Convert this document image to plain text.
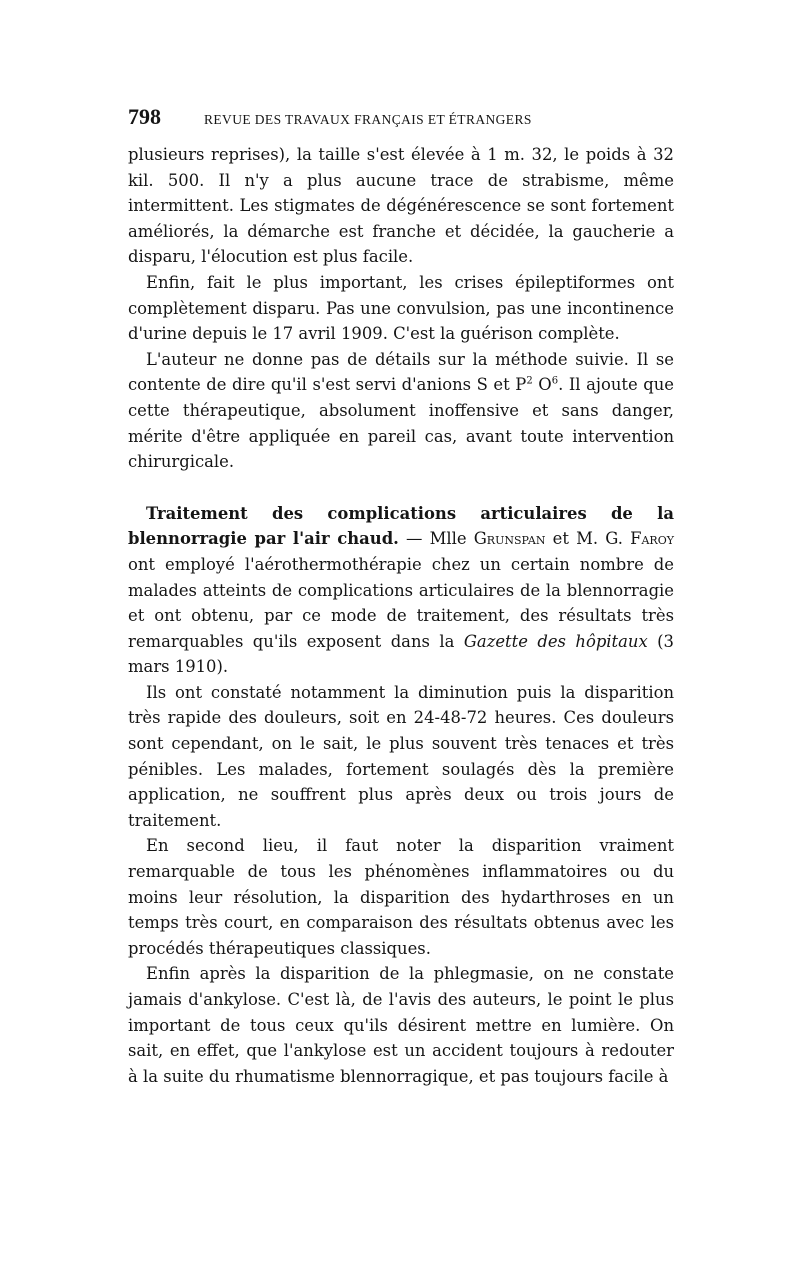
798	REVUE DES TRAVAUX FRANÇAIS ET ÉTRANGERS

plusieurs reprises), la taille s'est élevée à 1 m. 32, le poids à 32 kil. 500. Il n'y a plus aucune trace de strabisme, même intermittent. Les stigmates de dégénérescence se sont fortement améliorés, la démarche est franche et décidée, la gaucherie a disparu, l'élocution est plus facile.

Enfin, fait le plus important, les crises épileptiformes ont complètement disparu. Pas une convulsion, pas une incontinence d'urine depuis le 17 avril 1909. C'est la guérison complète.

L'auteur ne donne pas de détails sur la méthode suivie. Il se contente de dire qu'il s'est servi d'anions S et $P^2$ $O^6$. Il ajoute que cette thérapeutique, absolument inoffensive et sans danger, mérite d'être appliquée en pareil cas, avant toute intervention chirurgicale.

Traitement des complications articulaires de la blennorragie par l'air chaud. — Mlle Grunspan et M. G. Faroy ont employé l'aérothermothérapie chez un certain nombre de malades atteints de complications articulaires de la blennorragie et ont obtenu, par ce mode de traitement, des résultats très remarquables qu'ils exposent dans la Gazette des hôpitaux (3 mars 1910).

Ils ont constaté notamment la diminution puis la disparition très rapide des douleurs, soit en 24-48-72 heures. Ces douleurs sont cependant, on le sait, le plus souvent très tenaces et très pénibles. Les malades, fortement soulagés dès la première application, ne souffrent plus après deux ou trois jours de traitement.

En second lieu, il faut noter la disparition vraiment remarquable de tous les phénomènes inflammatoires ou du moins leur résolution, la disparition des hydarthroses en un temps très court, en comparaison des résultats obtenus avec les procédés thérapeutiques classiques.

Enfin après la disparition de la phlegmasie, on ne constate jamais d'ankylose. C'est là, de l'avis des auteurs, le point le plus important de tous ceux qu'ils désirent mettre en lumière. On sait, en effet, que l'ankylose est un accident toujours à redouter à la suite du rhumatisme blennorragique, et pas toujours facile à
